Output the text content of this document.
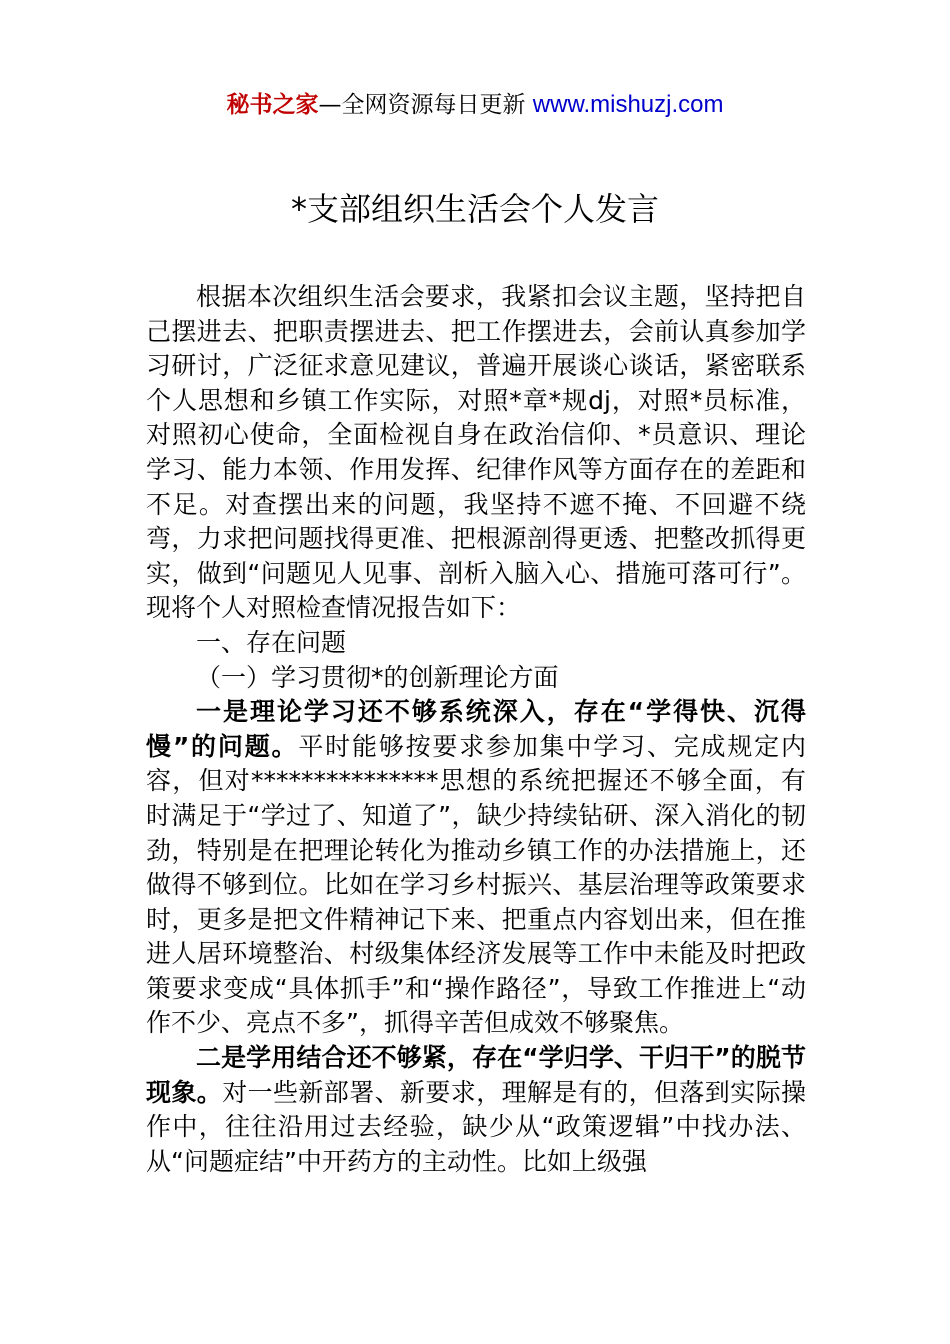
秘书之家—全网资源每日更新 www.mishuzj.com
*支部组织生活会个人发言

根据本次组织生活会要求，我紧扣会议主题，坚持把自己摆进去、把职责摆进去、把工作摆进去，会前认真参加学习研讨，广泛征求意见建议，普遍开展谈心谈话，紧密联系个人思想和乡镇工作实际，对照*章*规dj，对照*员标准，对照初心使命，全面检视自身在政治信仰、*员意识、理论学习、能力本领、作用发挥、纪律作风等方面存在的差距和不足。对查摆出来的问题，我坚持不遮不掩、不回避不绕弯，力求把问题找得更准、把根源剖得更透、把整改抓得更实，做到“问题见人见事、剖析入脑入心、措施可落可行”。现将个人对照检查情况报告如下：

一、存在问题

（一）学习贯彻*的创新理论方面

一是理论学习还不够系统深入，存在“学得快、沉得慢”的问题。平时能够按要求参加集中学习、完成规定内容，但对***************思想的系统把握还不够全面，有时满足于“学过了、知道了”，缺少持续钻研、深入消化的韧劲，特别是在把理论转化为推动乡镇工作的办法措施上，还做得不够到位。比如在学习乡村振兴、基层治理等政策要求时，更多是把文件精神记下来、把重点内容划出来，但在推进人居环境整治、村级集体经济发展等工作中未能及时把政策要求变成“具体抓手”和“操作路径”，导致工作推进上“动作不少、亮点不多”，抓得辛苦但成效不够聚焦。

二是学用结合还不够紧，存在“学归学、干归干”的脱节现象。对一些新部署、新要求，理解是有的，但落到实际操作中，往往沿用过去经验，缺少从“政策逻辑”中找办法、从“问题症结”中开药方的主动性。比如上级强
